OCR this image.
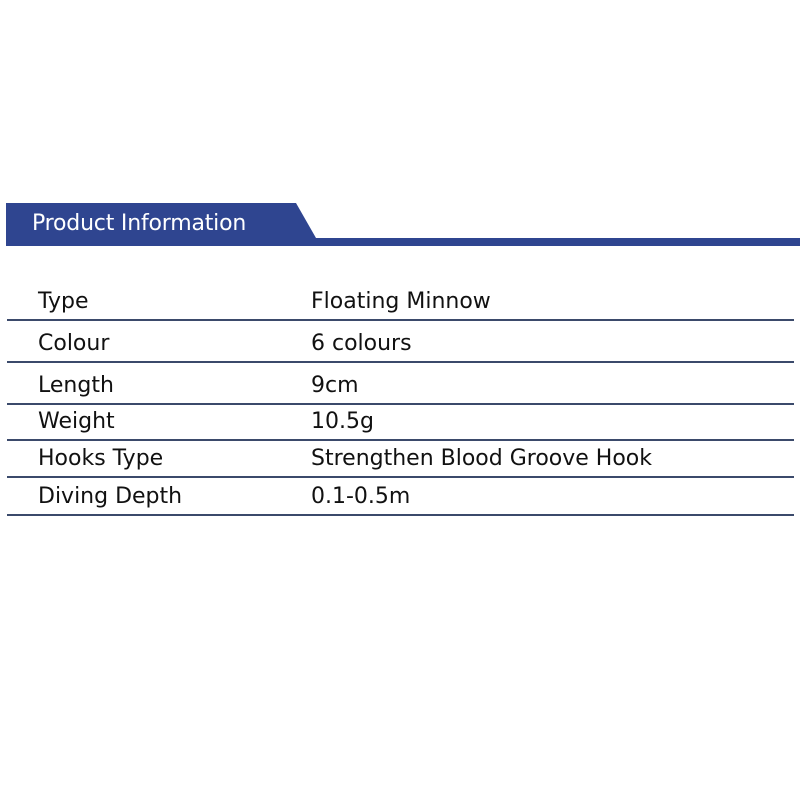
Product Information
Type	Floating Minnow
Colour	6 colours
Length	9cm
Weight	10.5g
Hooks Type	Strengthen Blood Groove Hook
Diving Depth	0.1-0.5m
